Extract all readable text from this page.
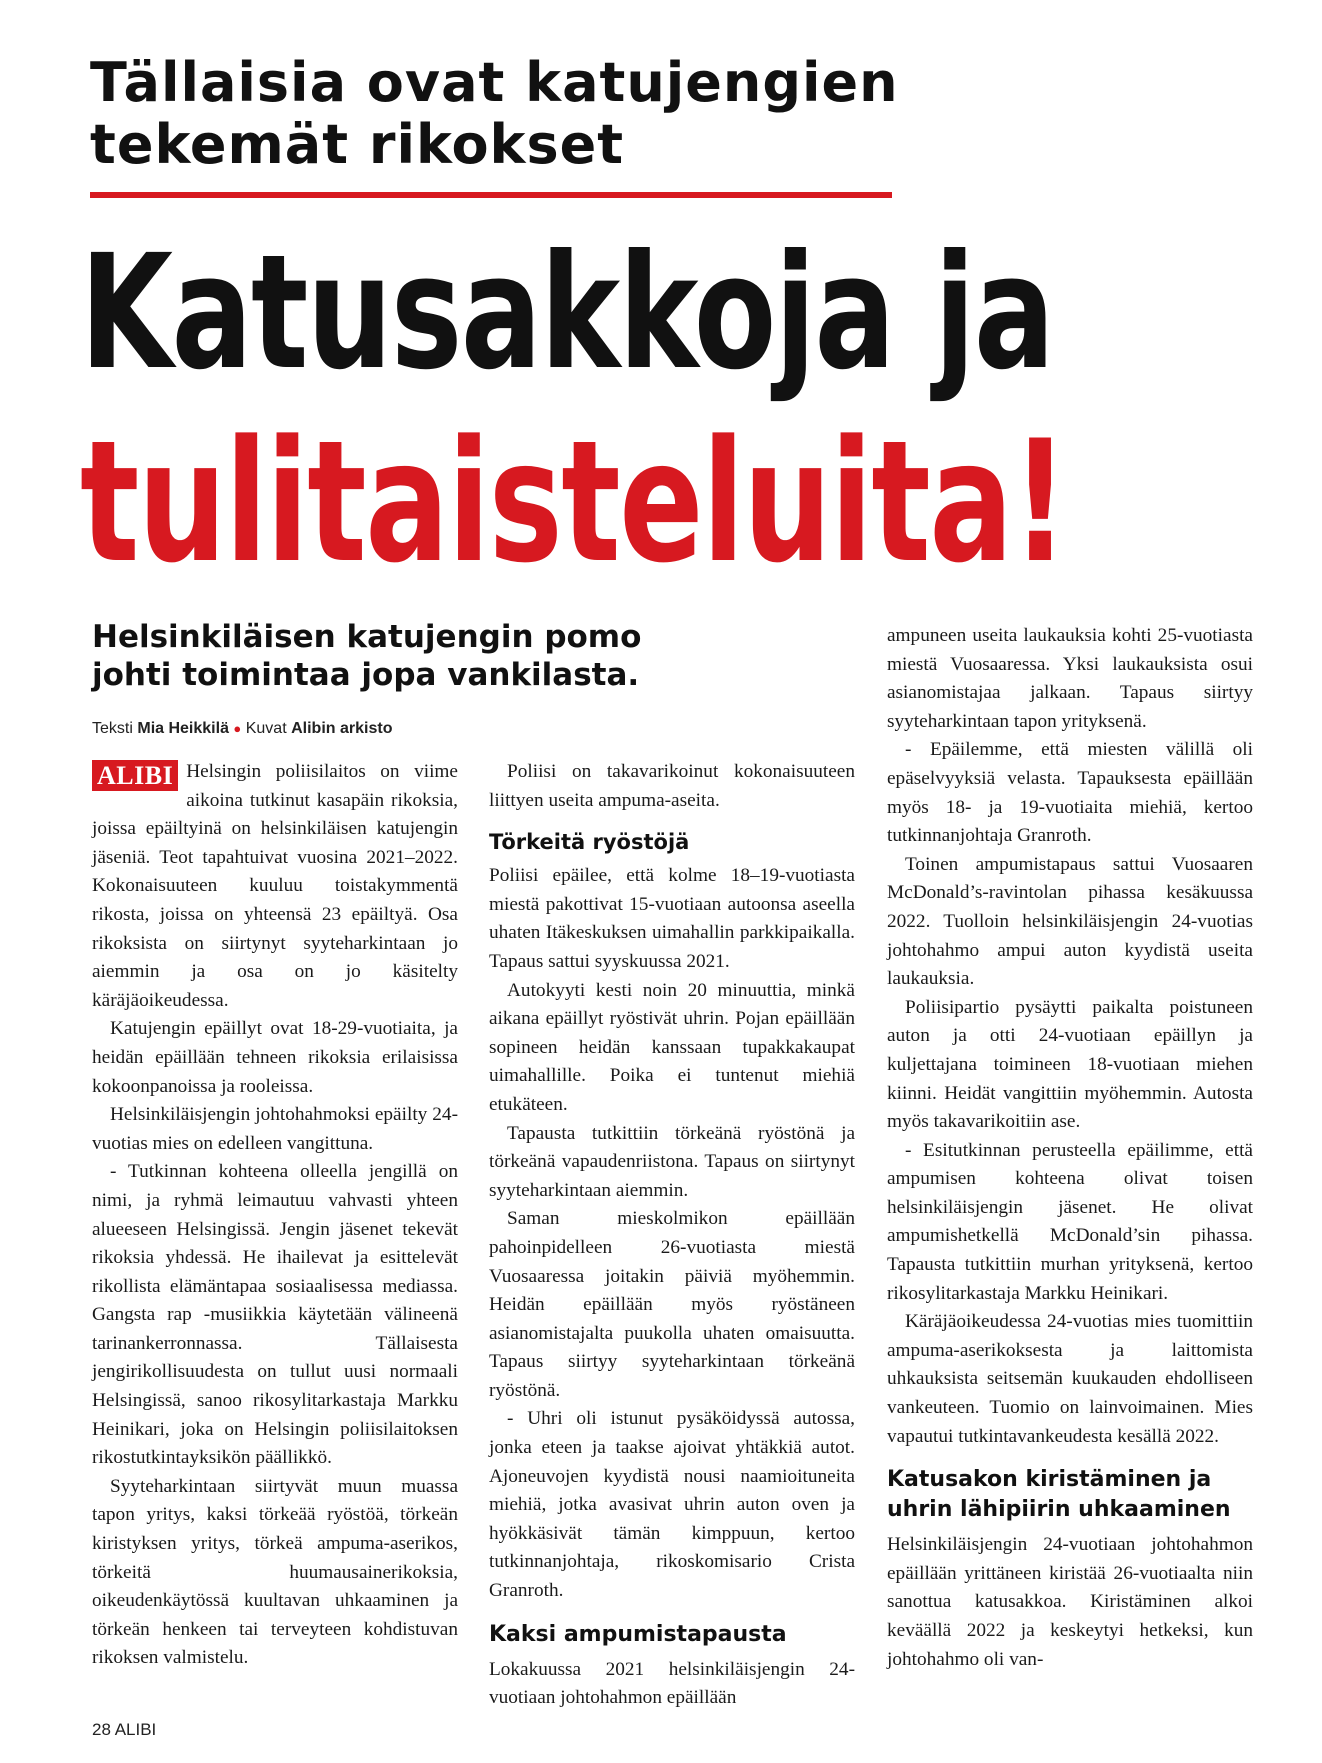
Tällaisia ovat katujengien
tekemät rikokset
Katusakkoja ja
tulitaisteluita!
Helsinkiläisen katujengin pomo
johti toimintaa jopa vankilasta.
Teksti Mia Heikkilä ● Kuvat Alibin arkisto

ALIBI Helsingin poliisilaitos on viime aikoina tutkinut kasapäin rikoksia, joissa epäiltyinä on helsinkiläisen katujengin jäseniä. Teot tapahtuivat vuosina 2021–2022. Kokonaisuuteen kuuluu toistakymmentä rikosta, joissa on yhteensä 23 epäiltyä. Osa rikoksista on siirtynyt syyteharkintaan jo aiemmin ja osa on jo käsitelty käräjäoikeudessa.

Katujengin epäillyt ovat 18-29-vuotiaita, ja heidän epäillään tehneen rikoksia erilaisissa kokoonpanoissa ja rooleissa.

Helsinkiläisjengin johtohahmoksi epäilty 24-vuotias mies on edelleen vangittuna.

- Tutkinnan kohteena olleella jengillä on nimi, ja ryhmä leimautuu vahvasti yhteen alueeseen Helsingissä. Jengin jäsenet tekevät rikoksia yhdessä. He ihailevat ja esittelevät rikollista elämäntapaa sosiaalisessa mediassa. Gangsta rap -musiikkia käytetään välineenä tarinankerronnassa. Tällaisesta jengirikollisuudesta on tullut uusi normaali Helsingissä, sanoo rikosylitarkastaja Markku Heinikari, joka on Helsingin poliisilaitoksen rikostutkintayksikön päällikkö.

Syyteharkintaan siirtyvät muun muassa tapon yritys, kaksi törkeää ryöstöä, törkeän kiristyksen yritys, törkeä ampuma-aserikos, törkeitä huumausainerikoksia, oikeudenkäytössä kuultavan uhkaaminen ja törkeän henkeen tai terveyteen kohdistuvan rikoksen valmistelu.

Poliisi on takavarikoinut kokonaisuuteen liittyen useita ampuma-aseita.

Törkeitä ryöstöjä

Poliisi epäilee, että kolme 18–19-vuotiasta miestä pakottivat 15-vuotiaan autoonsa aseella uhaten Itäkeskuksen uimahallin parkkipaikalla. Tapaus sattui syyskuussa 2021.

Autokyyti kesti noin 20 minuuttia, minkä aikana epäillyt ryöstivät uhrin. Pojan epäillään sopineen heidän kanssaan tupakkakaupat uimahallille. Poika ei tuntenut miehiä etukäteen.

Tapausta tutkittiin törkeänä ryöstönä ja törkeänä vapaudenriistona. Tapaus on siirtynyt syyteharkintaan aiemmin.

Saman mieskolmikon epäillään pahoinpidelleen 26-vuotiasta miestä Vuosaaressa joitakin päiviä myöhemmin. Heidän epäillään myös ryöstäneen asianomistajalta puukolla uhaten omaisuutta. Tapaus siirtyy syyteharkintaan törkeänä ryöstönä.

- Uhri oli istunut pysäköidyssä autossa, jonka eteen ja taakse ajoivat yhtäkkiä autot. Ajoneuvojen kyydistä nousi naamioituneita miehiä, jotka avasivat uhrin auton oven ja hyökkäsivät tämän kimppuun, kertoo tutkinnanjohtaja, rikoskomisario Crista Granroth.

Kaksi ampumistapausta

Lokakuussa 2021 helsinkiläisjengin 24-vuotiaan johtohahmon epäillään

ampuneen useita laukauksia kohti 25-vuotiasta miestä Vuosaaressa. Yksi laukauksista osui asianomistajaa jalkaan. Tapaus siirtyy syyteharkintaan tapon yrityksenä.

- Epäilemme, että miesten välillä oli epäselvyyksiä velasta. Tapauksesta epäillään myös 18- ja 19-vuotiaita miehiä, kertoo tutkinnanjohtaja Granroth.

Toinen ampumistapaus sattui Vuosaaren McDonald’s-ravintolan pihassa kesäkuussa 2022. Tuolloin helsinkiläisjengin 24-vuotias johtohahmo ampui auton kyydistä useita laukauksia.

Poliisipartio pysäytti paikalta poistuneen auton ja otti 24-vuotiaan epäillyn ja kuljettajana toimineen 18-vuotiaan miehen kiinni. Heidät vangittiin myöhemmin. Autosta myös takavarikoitiin ase.

- Esitutkinnan perusteella epäilimme, että ampumisen kohteena olivat toisen helsinkiläisjengin jäsenet. He olivat ampumishetkellä McDonald’sin pihassa. Tapausta tutkittiin murhan yrityksenä, kertoo rikosylitarkastaja Markku Heinikari.

Käräjäoikeudessa 24-vuotias mies tuomittiin ampuma-aserikoksesta ja laittomista uhkauksista seitsemän kuukauden ehdolliseen vankeuteen. Tuomio on lainvoimainen. Mies vapautui tutkintavankeudesta kesällä 2022.

Katusakon kiristäminen ja uhrin lähipiirin uhkaaminen

Helsinkiläisjengin 24-vuotiaan johtohahmon epäillään yrittäneen kiristää 26-vuotiaalta niin sanottua katusakkoa. Kiristäminen alkoi keväällä 2022 ja keskeytyi hetkeksi, kun johtohahmo oli van-

28 ALIBI
